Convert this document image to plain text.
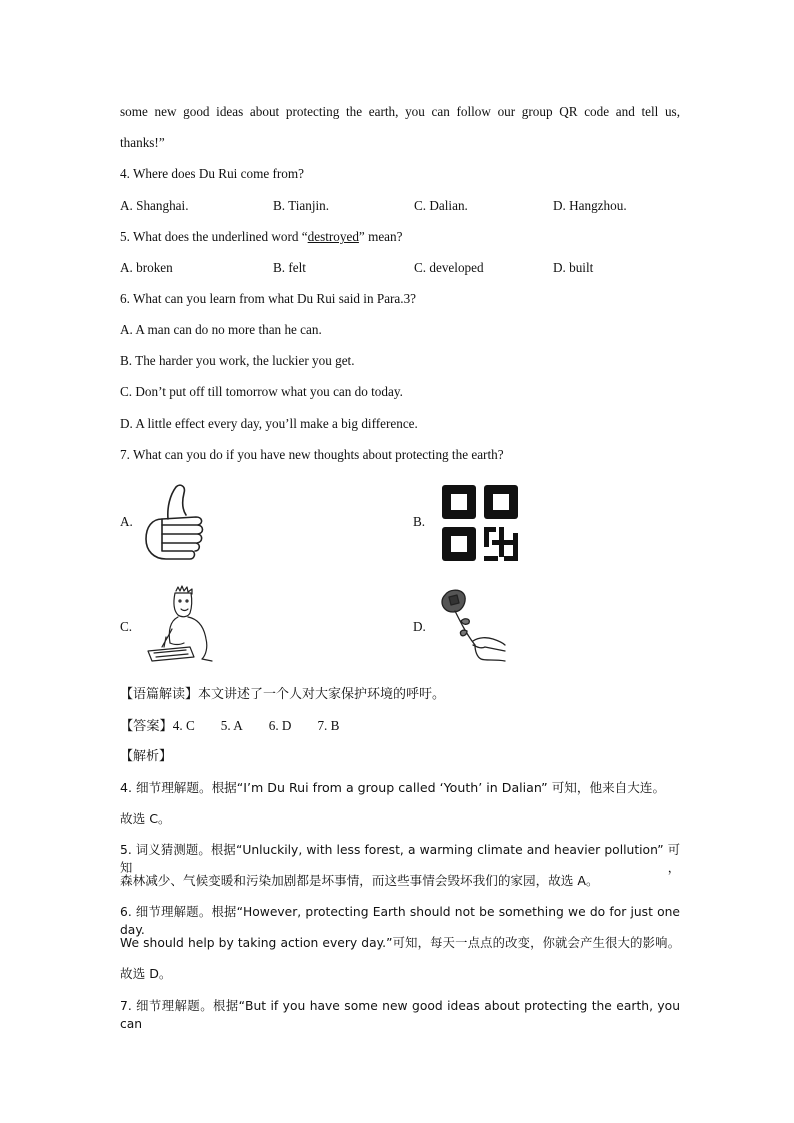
some new good ideas about protecting the earth, you can follow our group QR code and tell us,
thanks!”
4. Where does Du Rui come from?
A. Shanghai.	B. Tianjin.	C. Dalian.	D. Hangzhou.
5. What does the underlined word “destroyed” mean?
A. broken	B. felt	C. developed	D. built
6. What can you learn from what Du Rui said in Para.3?
A. A man can do no more than he can.
B. The harder you work, the luckier you get.
C. Don’t put off till tomorrow what you can do today.
D. A little effect every day, you’ll make a big difference.
7. What can you do if you have new thoughts about protecting the earth?
A.	B.
C.	D.
【语篇解读】本文讲述了一个人对大家保护环境的呼吁。
【答案】4. C 5. A 6. D 7. B
【解析】
4. 细节理解题。根据“I’m Du Rui from a group called ‘Youth’ in Dalian” 可知，他来自大连。
故选 C。
5. 词义猜测题。根据“Unluckily, with less forest, a warming climate and heavier pollution” 可知，
森林减少、气候变暖和污染加剧都是坏事情，而这些事情会毁坏我们的家园，故选 A。
6. 细节理解题。根据“However, protecting Earth should not be something we do for just one day.
We should help by taking action every day.”可知，每天一点点的改变，你就会产生很大的影响。
故选 D。
7. 细节理解题。根据“But if you have some new good ideas about protecting the earth, you can
